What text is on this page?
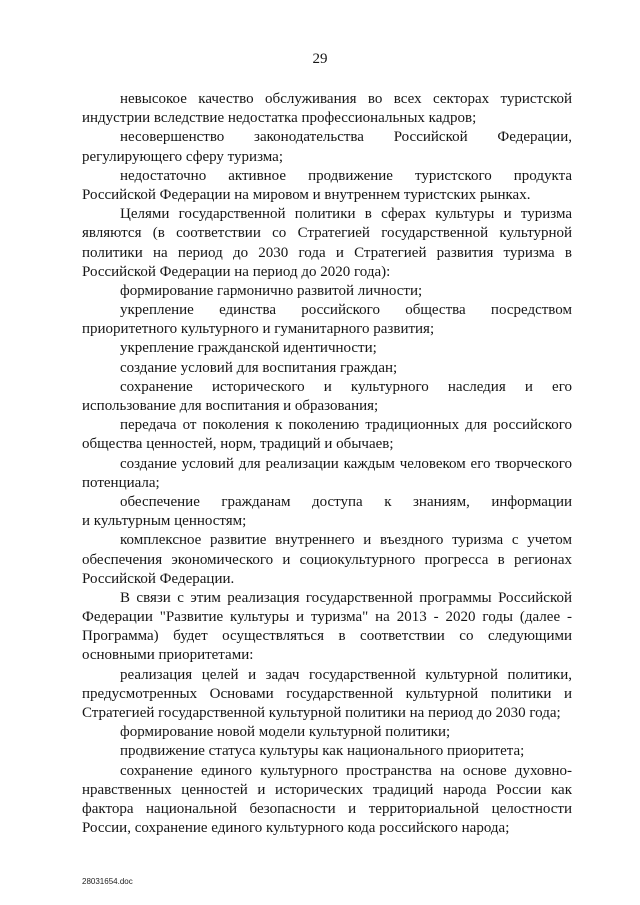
29
невысокое качество обслуживания во всех секторах туристской
индустрии вследствие недостатка профессиональных кадров;
несовершенство законодательства Российской Федерации,
регулирующего сферу туризма;
недостаточно активное продвижение туристского продукта
Российской Федерации на мировом и внутреннем туристских рынках.
Целями государственной политики в сферах культуры и туризма
являются (в соответствии со Стратегией государственной культурной
политики на период до 2030 года и Стратегией развития туризма в
Российской Федерации на период до 2020 года):
формирование гармонично развитой личности;
укрепление единства российского общества посредством
приоритетного культурного и гуманитарного развития;
укрепление гражданской идентичности;
создание условий для воспитания граждан;
сохранение исторического и культурного наследия и его
использование для воспитания и образования;
передача от поколения к поколению традиционных для российского
общества ценностей, норм, традиций и обычаев;
создание условий для реализации каждым человеком его творческого
потенциала;
обеспечение гражданам доступа к знаниям, информации
и культурным ценностям;
комплексное развитие внутреннего и въездного туризма с учетом
обеспечения экономического и социокультурного прогресса в регионах
Российской Федерации.
В связи с этим реализация государственной программы Российской
Федерации "Развитие культуры и туризма" на 2013 - 2020 годы (далее -
Программа) будет осуществляться в соответствии со следующими
основными приоритетами:
реализация целей и задач государственной культурной политики,
предусмотренных Основами государственной культурной политики и
Стратегией государственной культурной политики на период до 2030 года;
формирование новой модели культурной политики;
продвижение статуса культуры как национального приоритета;
сохранение единого культурного пространства на основе духовно-
нравственных ценностей и исторических традиций народа России как
фактора национальной безопасности и территориальной целостности
России, сохранение единого культурного кода российского народа;
28031654.doc
